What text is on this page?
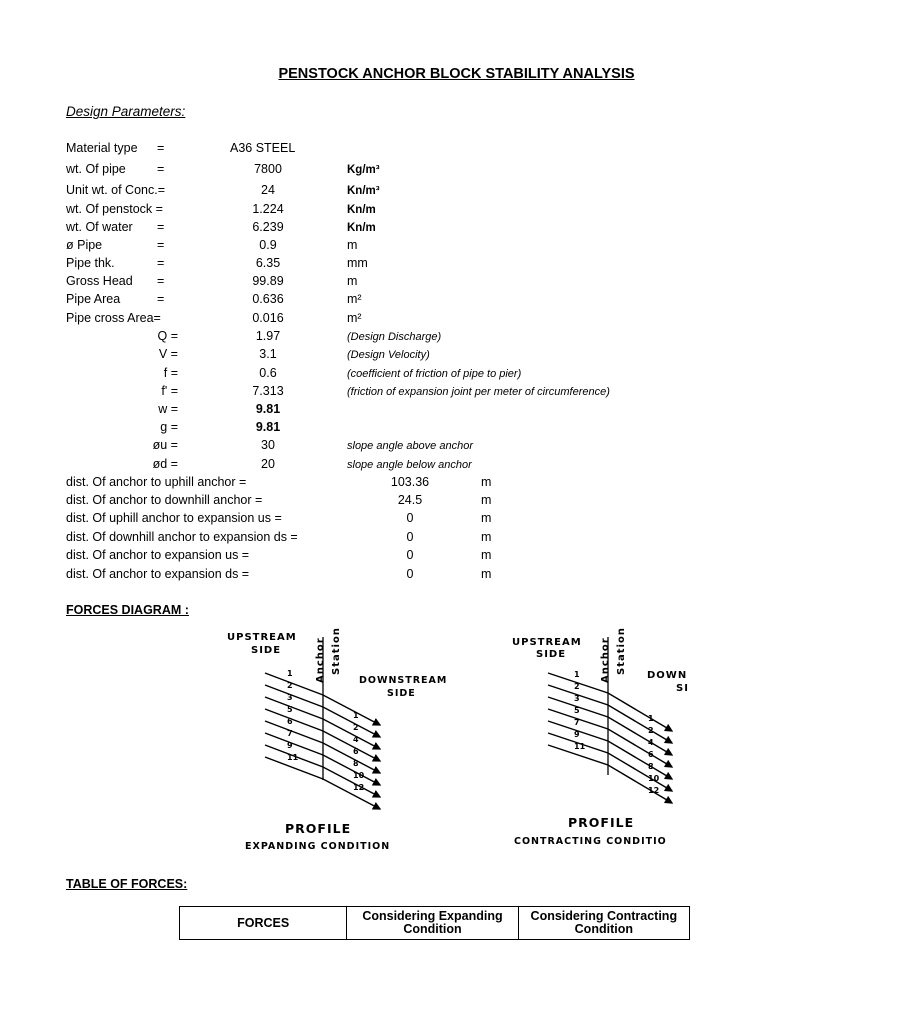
PENSTOCK ANCHOR BLOCK STABILITY ANALYSIS
Design Parameters:
Material type =	A36 STEEL
wt. Of pipe	=	7800	Kg/m³
Unit wt. of Conc.=	24	Kn/m³
wt. Of penstock =	1.224	Kn/m
wt. Of water =	6.239	Kn/m
ø Pipe	=	0.9	m
Pipe thk.	=	6.35	mm
Gross Head =	99.89	m
Pipe Area	=	0.636	m²
Pipe cross Area=	0.016	m²
Q =	1.97	(Design Discharge)
V =	3.1	(Design Velocity)
f =	0.6	(coefficient of friction of pipe to pier)
f' =	7.313	(friction of expansion joint per meter of circumference)
w =	9.81
g =	9.81
øu =	30	slope angle above anchor
ød =	20	slope angle below anchor
dist. Of anchor to uphill anchor =	103.36	m
dist. Of anchor to downhill anchor =	24.5	m
dist. Of uphill anchor to expansion us =	0	m
dist. Of downhill anchor to expansion ds =	0	m
dist. Of anchor to expansion us =	0	m
dist. Of anchor to expansion ds =	0	m
FORCES DIAGRAM :
UPSTREAM
SIDE	Anchor Station
DOWNSTREAM
SIDE
1
2
3
5
6
7
9
11
1
2
4
6
8
10
12
PROFILE
EXPANDING CONDITION
UPSTREAM
SIDE	Anchor Station
DOWN
SI
1
2
3
5
7
9
11
1
2
4
6
8
10
12
PROFILE
CONTRACTING CONDITIO
TABLE OF FORCES:
FORCES	Considering Expanding Condition	Considering Contracting Condition
